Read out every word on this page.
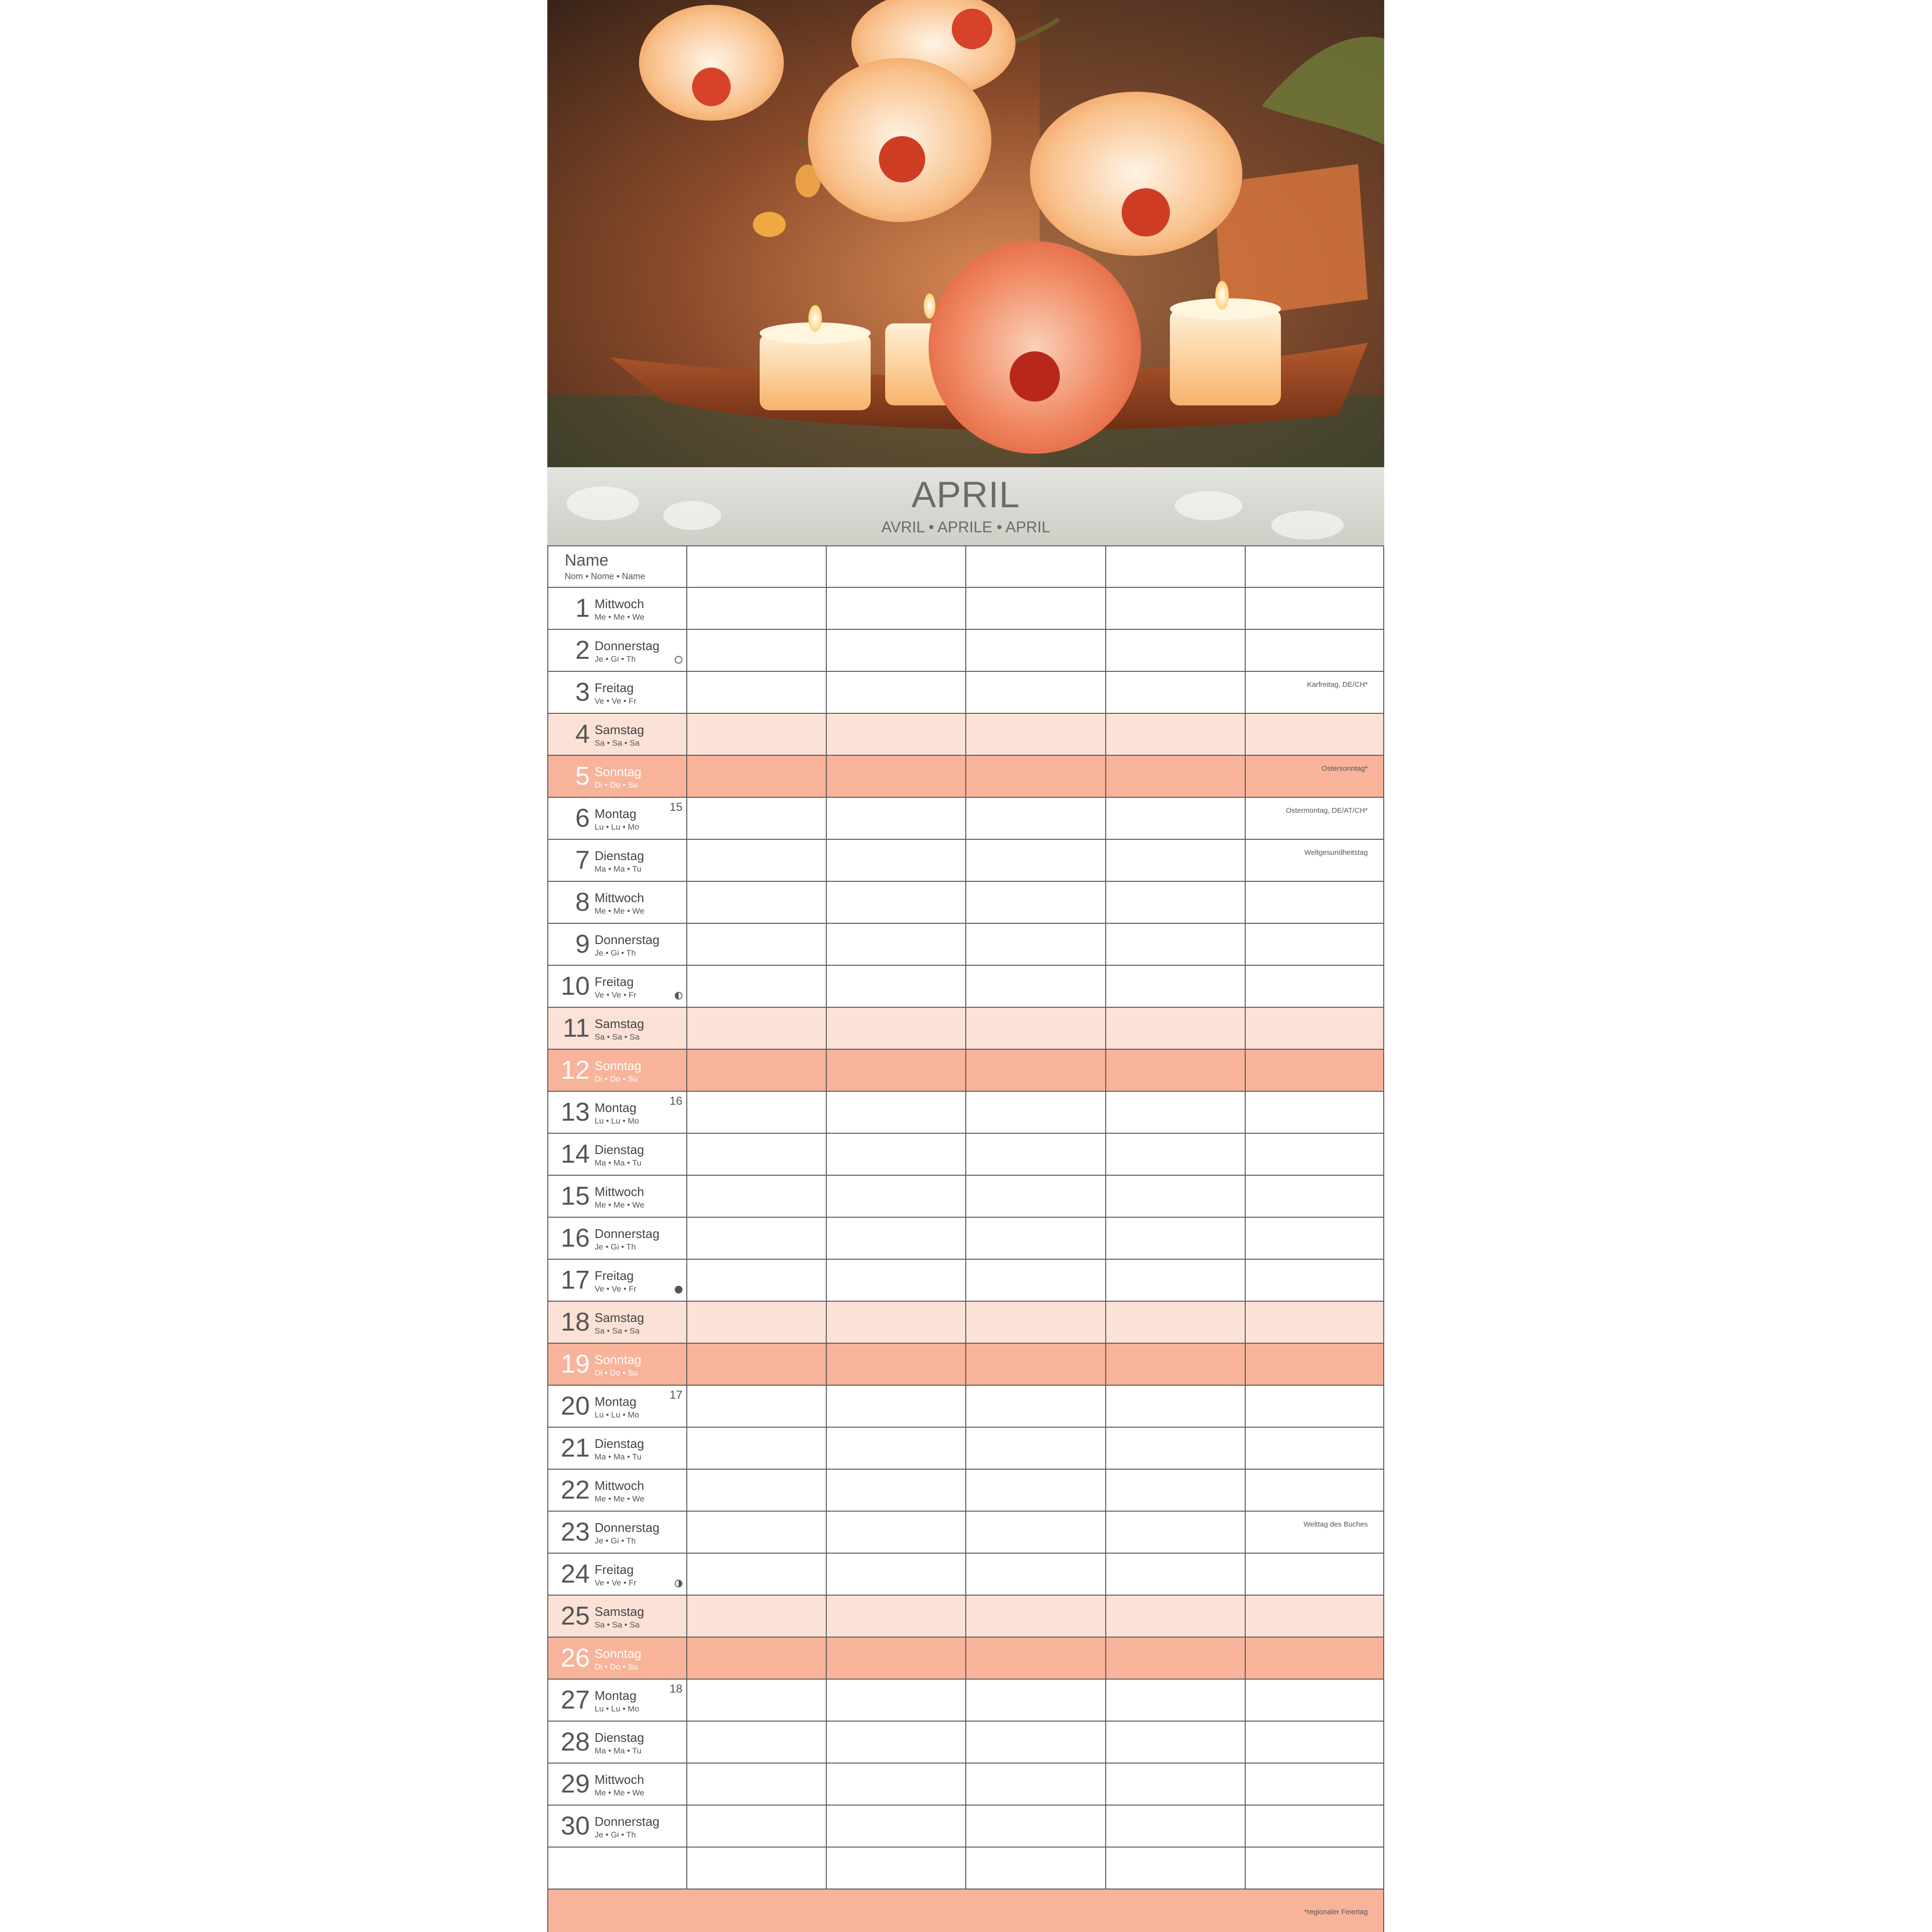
APRIL
AVRIL • APRILE • APRIL
Name
Nom • Nome • Name
1 Mittwoch
Me • Me • We
2 Donnerstag
Je • Gi • Th
3 Freitag
Ve • Ve • Fr
Karfreitag, DE/CH*
4 Samstag
Sa • Sa • Sa
5 Sonntag
Di • Do • Su
Ostersonntag*
6 Montag
Lu • Lu • Mo
15	Ostermontag, DE/AT/CH*
7 Dienstag
Ma • Ma • Tu
Weltgesundheitstag
8 Mittwoch
Me • Me • We
9 Donnerstag
Je • Gi • Th
10 Freitag
Ve • Ve • Fr
11 Samstag
Sa • Sa • Sa
12 Sonntag
Di • Do • Su
13 Montag
Lu • Lu • Mo
16
14 Dienstag
Ma • Ma • Tu
15 Mittwoch
Me • Me • We
16 Donnerstag
Je • Gi • Th
17 Freitag
Ve • Ve • Fr
18 Samstag
Sa • Sa • Sa
19 Sonntag
Di • Do • Su
20 Montag
Lu • Lu • Mo
17
21 Dienstag
Ma • Ma • Tu
22 Mittwoch
Me • Me • We
23 Donnerstag
Je • Gi • Th
Welttag des Buches
24 Freitag
Ve • Ve • Fr
25 Samstag
Sa • Sa • Sa
26 Sonntag
Di • Do • Su
27 Montag
Lu • Lu • Mo
18
28 Dienstag
Ma • Ma • Tu
29 Mittwoch
Me • Me • We
30 Donnerstag
Je • Gi • Th
*regionaler Feiertag
